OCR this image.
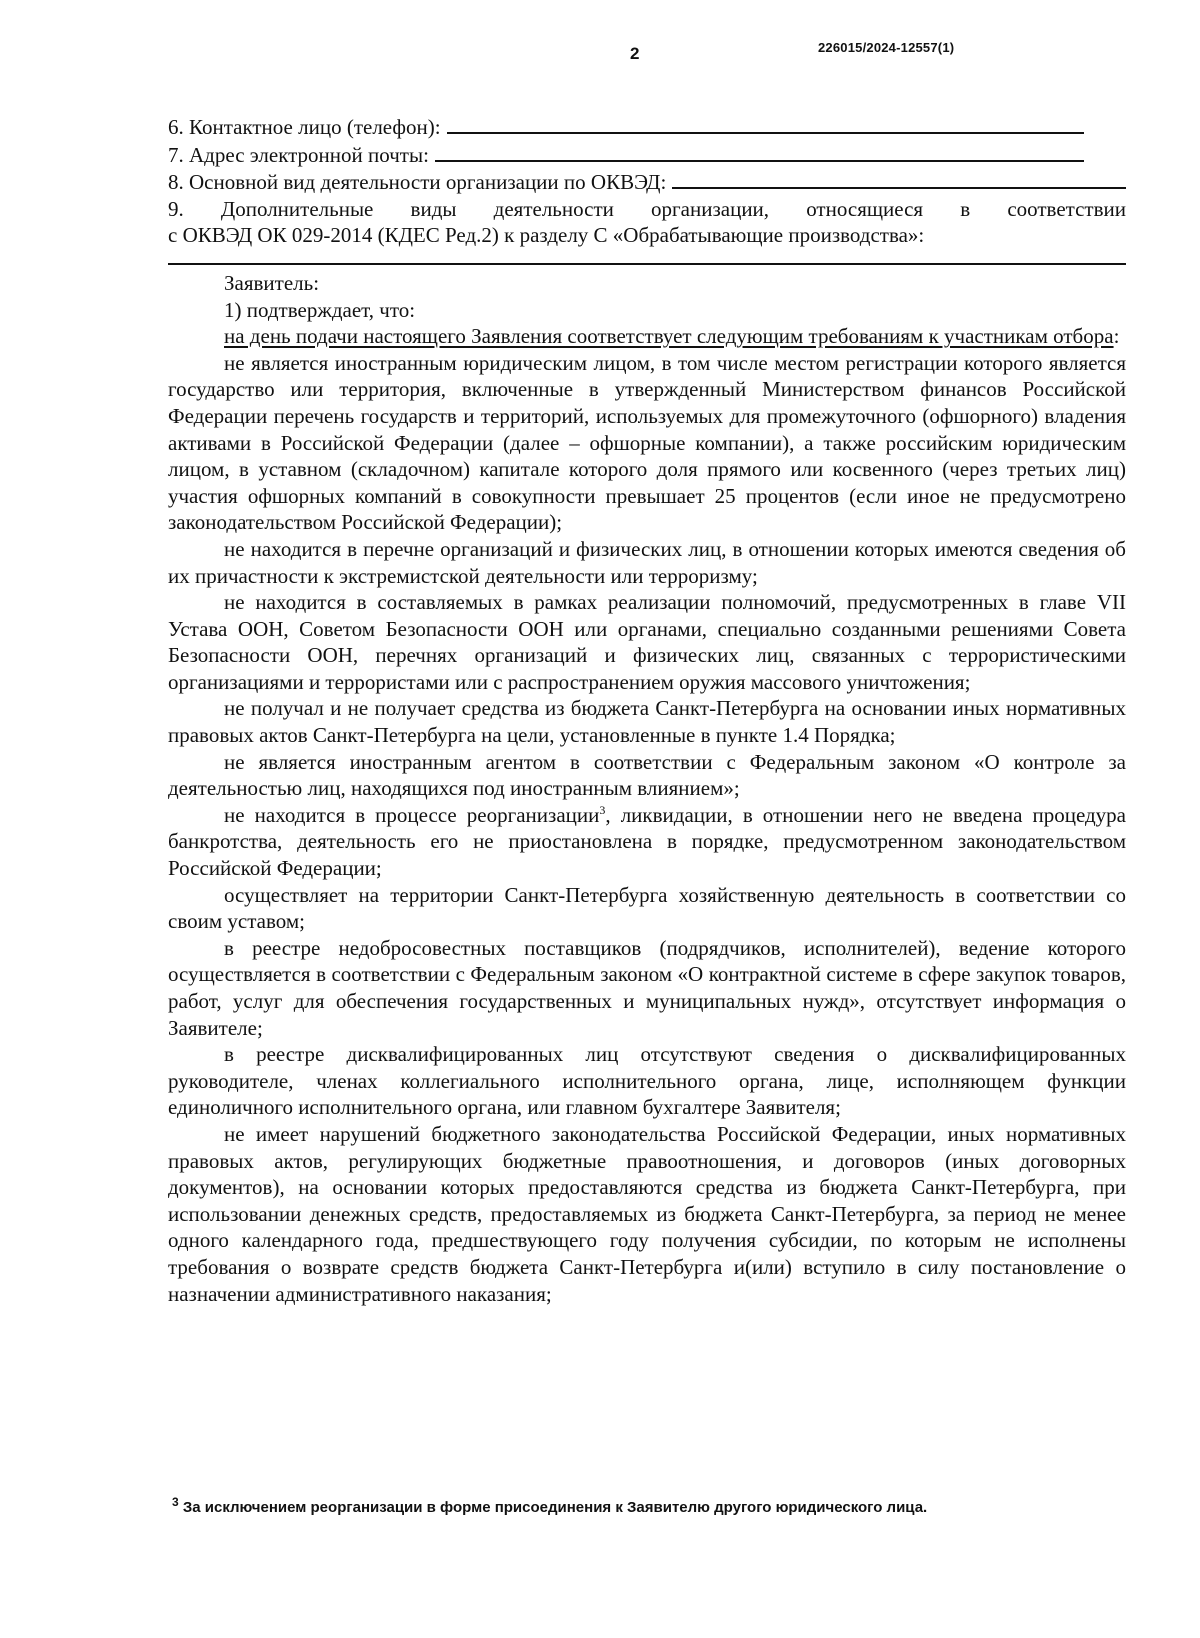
2	226015/2024-12557(1)
6. Контактное лицо (телефон):
7. Адрес электронной почты:
8. Основной вид деятельности организации по ОКВЭД:

9. Дополнительные виды деятельности организации, относящиеся в соответствии

с ОКВЭД ОК 029-2014 (КДЕС Ред.2) к разделу С «Обрабатывающие производства»:

Заявитель:

1) подтверждает, что:

на день подачи настоящего Заявления соответствует следующим требованиям к участникам отбора:

не является иностранным юридическим лицом, в том числе местом регистрации которого является государство или территория, включенные в утвержденный Министерством финансов Российской Федерации перечень государств и территорий, используемых для промежуточного (офшорного) владения активами в Российской Федерации (далее – офшорные компании), а также российским юридическим лицом, в уставном (складочном) капитале которого доля прямого или косвенного (через третьих лиц) участия офшорных компаний в совокупности превышает 25 процентов (если иное не предусмотрено законодательством Российской Федерации);

не находится в перечне организаций и физических лиц, в отношении которых имеются сведения об их причастности к экстремистской деятельности или терроризму;

не находится в составляемых в рамках реализации полномочий, предусмотренных в главе VII Устава ООН, Советом Безопасности ООН или органами, специально созданными решениями Совета Безопасности ООН, перечнях организаций и физических лиц, связанных с террористическими организациями и террористами или с распространением оружия массового уничтожения;

не получал и не получает средства из бюджета Санкт-Петербурга на основании иных нормативных правовых актов Санкт-Петербурга на цели, установленные в пункте 1.4 Порядка;

не является иностранным агентом в соответствии с Федеральным законом «О контроле за деятельностью лиц, находящихся под иностранным влиянием»;

не находится в процессе реорганизации$^3$, ликвидации, в отношении него не введена процедура банкротства, деятельность его не приостановлена в порядке, предусмотренном законодательством Российской Федерации;

осуществляет на территории Санкт-Петербурга хозяйственную деятельность в соответствии со своим уставом;

в реестре недобросовестных поставщиков (подрядчиков, исполнителей), ведение которого осуществляется в соответствии с Федеральным законом «О контрактной системе в сфере закупок товаров, работ, услуг для обеспечения государственных и муниципальных нужд», отсутствует информация о Заявителе;

в реестре дисквалифицированных лиц отсутствуют сведения о дисквалифицированных руководителе, членах коллегиального исполнительного органа, лице, исполняющем функции единоличного исполнительного органа, или главном бухгалтере Заявителя;

не имеет нарушений бюджетного законодательства Российской Федерации, иных нормативных правовых актов, регулирующих бюджетные правоотношения, и договоров (иных договорных документов), на основании которых предоставляются средства из бюджета Санкт-Петербурга, при использовании денежных средств, предоставляемых из бюджета Санкт-Петербурга, за период не менее одного календарного года, предшествующего году получения субсидии, по которым не исполнены требования о возврате средств бюджета Санкт-Петербурга и(или) вступило в силу постановление о назначении административного наказания;

$^3$ За исключением реорганизации в форме присоединения к Заявителю другого юридического лица.
